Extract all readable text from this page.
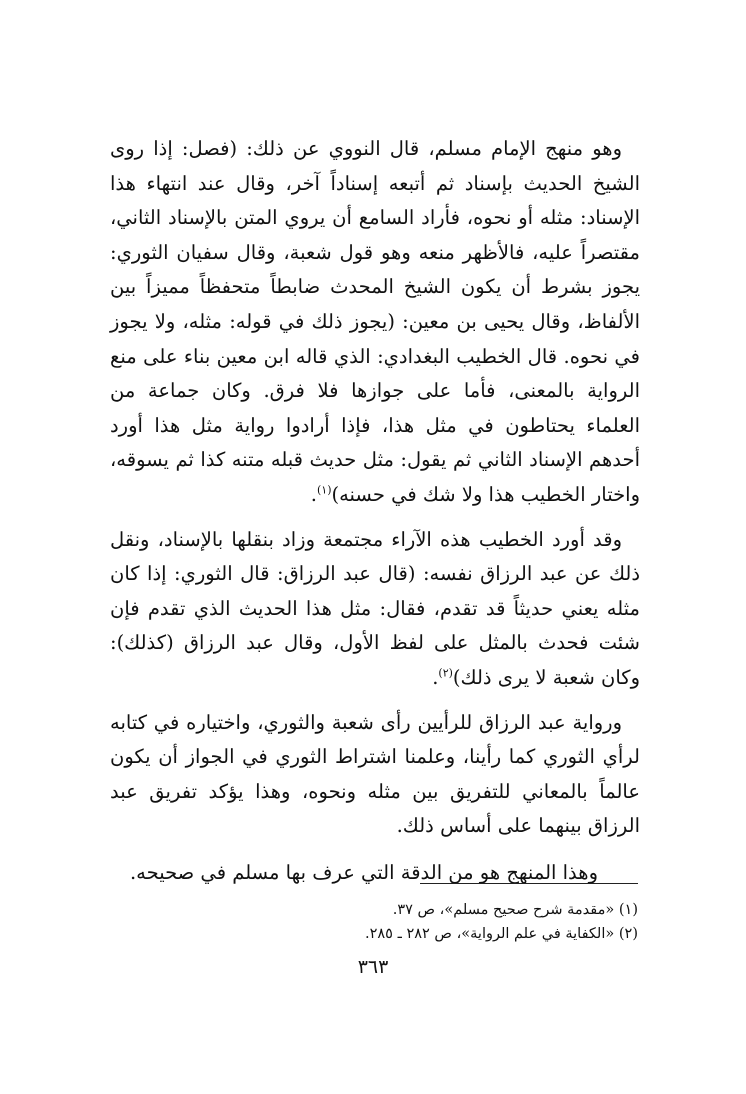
وهو منهج الإمام مسلم، قال النووي عن ذلك: (فصل: إذا روى الشيخ الحديث بإسناد ثم أتبعه إسناداً آخر، وقال عند انتهاء هذا الإسناد: مثله أو نحوه، فأراد السامع أن يروي المتن بالإسناد الثاني، مقتصراً عليه، فالأظهر منعه وهو قول شعبة، وقال سفيان الثوري: يجوز بشرط أن يكون الشيخ المحدث ضابطاً متحفظاً مميزاً بين الألفاظ، وقال يحيى بن معين: (يجوز ذلك في قوله: مثله، ولا يجوز في نحوه. قال الخطيب البغدادي: الذي قاله ابن معين بناء على منع الرواية بالمعنى، فأما على جوازها فلا فرق. وكان جماعة من العلماء يحتاطون في مثل هذا، فإذا أرادوا رواية مثل هذا أورد أحدهم الإسناد الثاني ثم يقول: مثل حديث قبله متنه كذا ثم يسوقه، واختار الخطيب هذا ولا شك في حسنه)$^{(١)}$.

وقد أورد الخطيب هذه الآراء مجتمعة وزاد بنقلها بالإسناد، ونقل ذلك عن عبد الرزاق نفسه: (قال عبد الرزاق: قال الثوري: إذا كان مثله يعني حديثاً قد تقدم، فقال: مثل هذا الحديث الذي تقدم فإن شئت فحدث بالمثل على لفظ الأول، وقال عبد الرزاق (كذلك): وكان شعبة لا يرى ذلك)$^{(٢)}$.

ورواية عبد الرزاق للرأيين رأى شعبة والثوري، واختياره في كتابه لرأي الثوري كما رأينا، وعلمنا اشتراط الثوري في الجواز أن يكون عالماً بالمعاني للتفريق بين مثله ونحوه، وهذا يؤكد تفريق عبد الرزاق بينهما على أساس ذلك.

وهذا المنهج هو من الدقة التي عرف بها مسلم في صحيحه.

(١) «مقدمة شرح صحيح مسلم»، ص ٣٧.

(٢) «الكفاية في علم الرواية»، ص ٢٨٢ ـ ٢٨٥.

٣٦٣
